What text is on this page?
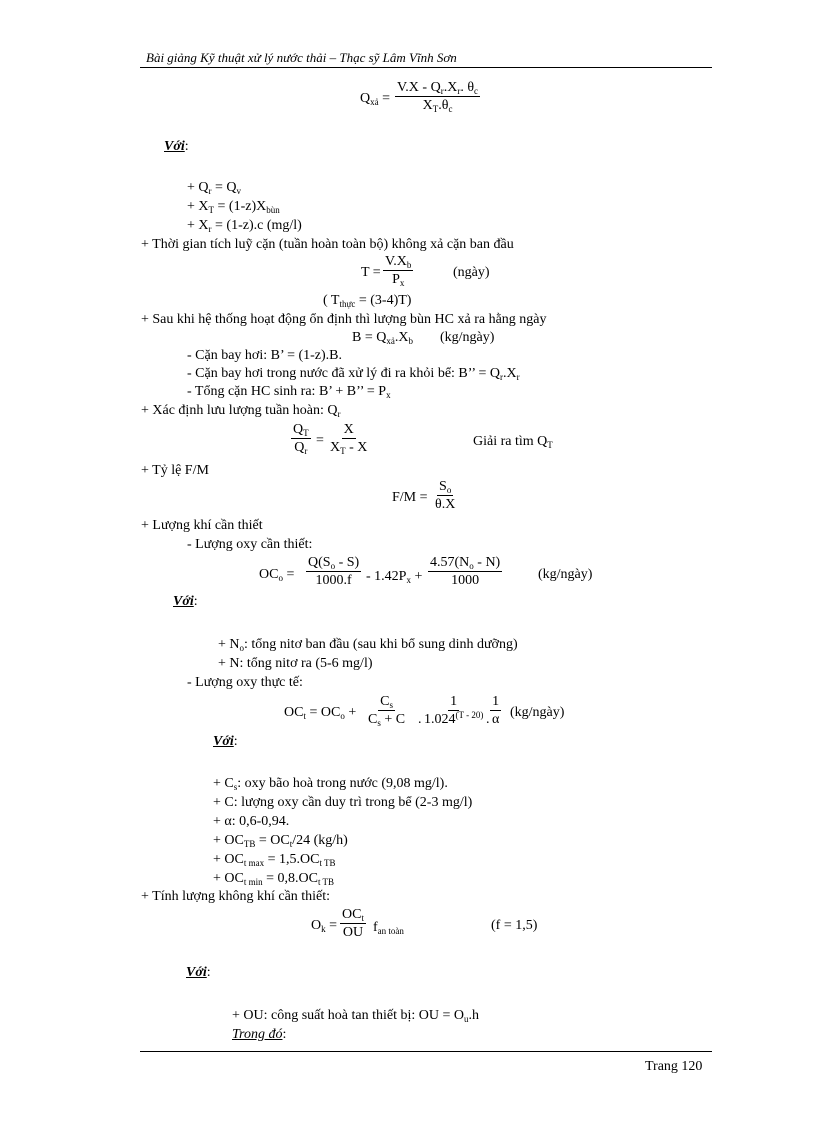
Bài giảng Kỹ thuật xử lý nước thải – Thạc sỹ Lâm Vĩnh Sơn
$Q_{xả} = \frac{V.X - Q_r.X_r. \theta_c}{X_T.\theta_c}$
Với:
+ $Q_r = Q_v$
+ $X_T = (1-z)X_{bùn}$
+ $X_r = (1-z).c$ (mg/l)
+ Thời gian tích luỹ cặn (tuần hoàn toàn bộ) không xả cặn ban đầu
$T = \frac{V.X_b}{P_x}$	(ngày)
( $T_{thực} = (3-4)T$)
+ Sau khi hệ thống hoạt động ổn định thì lượng bùn HC xả ra hằng ngày
$B = Q_{xả}.X_b$ (kg/ngày)
- Cặn bay hơi: B’ = (1-z).B.
- Cặn bay hơi trong nước đã xử lý đi ra khỏi bể: B’’ = $Q_r.X_r$
- Tổng cặn HC sinh ra: B’ + B’’ = $P_x$
+ Xác định lưu lượng tuần hoàn: $Q_r$
$\frac{Q_T}{Q_r} = \frac{X}{X_T - X}$	Giải ra tìm $Q_T$
+ Tỷ lệ F/M
$F/M = \frac{S_o}{\theta.X}$
+ Lượng khí cần thiết
- Lượng oxy cần thiết:
$OC_o = \frac{Q(S_o - S)}{1000.f} - 1.42P_x + \frac{4.57(N_o - N)}{1000}$	(kg/ngày)
Với:
+ $N_o$: tổng nitơ ban đầu (sau khi bổ sung dinh dưỡng)
+ N: tổng nitơ ra (5-6 mg/l)
- Lượng oxy thực tế:
$OC_t = OC_o + \frac{C_s}{C_s + C}$ . $\frac{1}{1.024^{(T - 20)}}$ . $\frac{1}{\alpha}$ (kg/ngày)
Với:
+ $C_s$: oxy bão hoà trong nước (9,08 mg/l).
+ C: lượng oxy cần duy trì trong bể (2-3 mg/l)
+ α: 0,6-0,94.
+ $OC_{TB} = OC_t/24$ (kg/h)
+ $OC_{t max} = 1,5.OC_{t TB}$
+ $OC_{t min} = 0,8.OC_{t TB}$
+ Tính lượng không khí cần thiết:
$O_k$ =
$OC_t$
OU $f_{an toàn}$	(f = 1,5)
Với:
+ OU: công suất hoà tan thiết bị: OU = $O_u.h$
Trong đó:
Trang 120
